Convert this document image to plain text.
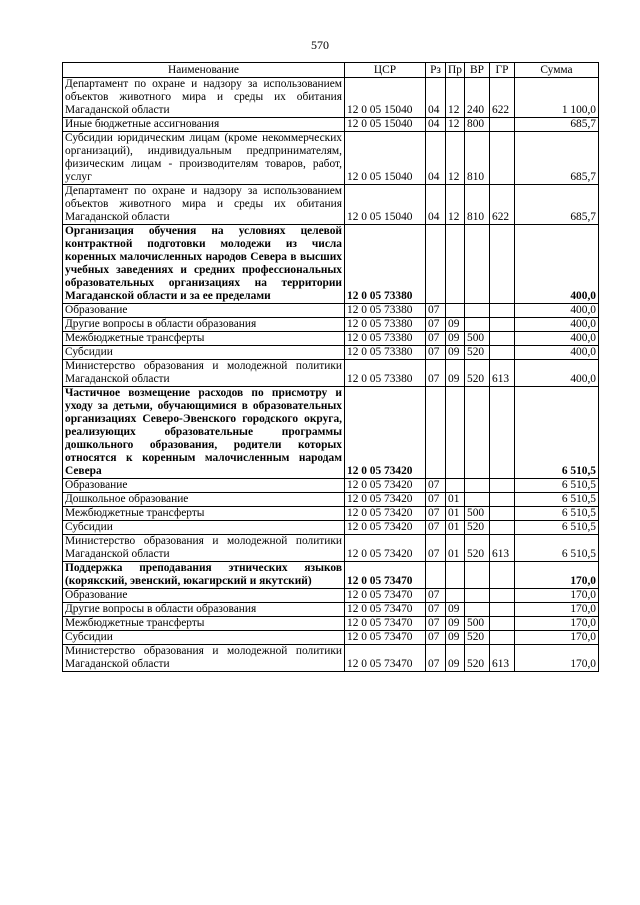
570
Наименование	ЦСР	Рз	Пр	ВР	ГР	Сумма
Департамент по охране и надзору за использованием объектов животного мира и среды их обитания Магаданской области	12 0 05 15040	04	12	240	622	1 100,0
Иные бюджетные ассигнования	12 0 05 15040	04	12	800		685,7
Субсидии юридическим лицам (кроме некоммерческих организаций), индивидуальным предпринимателям, физическим лицам - производителям товаров, работ, услуг	12 0 05 15040	04	12	810		685,7
Департамент по охране и надзору за использованием объектов животного мира и среды их обитания Магаданской области	12 0 05 15040	04	12	810	622	685,7
Организация обучения на условиях целевой контрактной подготовки молодежи из числа коренных малочисленных народов Севера в высших учебных заведениях и средних профессиональных образовательных организациях на территории Магаданской области и за ее пределами	12 0 05 73380					400,0
Образование	12 0 05 73380	07				400,0
Другие вопросы в области образования	12 0 05 73380	07	09			400,0
Межбюджетные трансферты	12 0 05 73380	07	09	500		400,0
Субсидии	12 0 05 73380	07	09	520		400,0
Министерство образования и молодежной политики Магаданской области	12 0 05 73380	07	09	520	613	400,0
Частичное возмещение расходов по присмотру и уходу за детьми, обучающимися в образовательных организациях Северо-Эвенского городского округа, реализующих образовательные программы дошкольного образования, родители которых относятся к коренным малочисленным народам Севера	12 0 05 73420					6 510,5
Образование	12 0 05 73420	07				6 510,5
Дошкольное образование	12 0 05 73420	07	01			6 510,5
Межбюджетные трансферты	12 0 05 73420	07	01	500		6 510,5
Субсидии	12 0 05 73420	07	01	520		6 510,5
Министерство образования и молодежной политики Магаданской области	12 0 05 73420	07	01	520	613	6 510,5
Поддержка преподавания этнических языков (корякский, эвенский, юкагирский и якутский)	12 0 05 73470					170,0
Образование	12 0 05 73470	07				170,0
Другие вопросы в области образования	12 0 05 73470	07	09			170,0
Межбюджетные трансферты	12 0 05 73470	07	09	500		170,0
Субсидии	12 0 05 73470	07	09	520		170,0
Министерство образования и молодежной политики Магаданской области	12 0 05 73470	07	09	520	613	170,0
